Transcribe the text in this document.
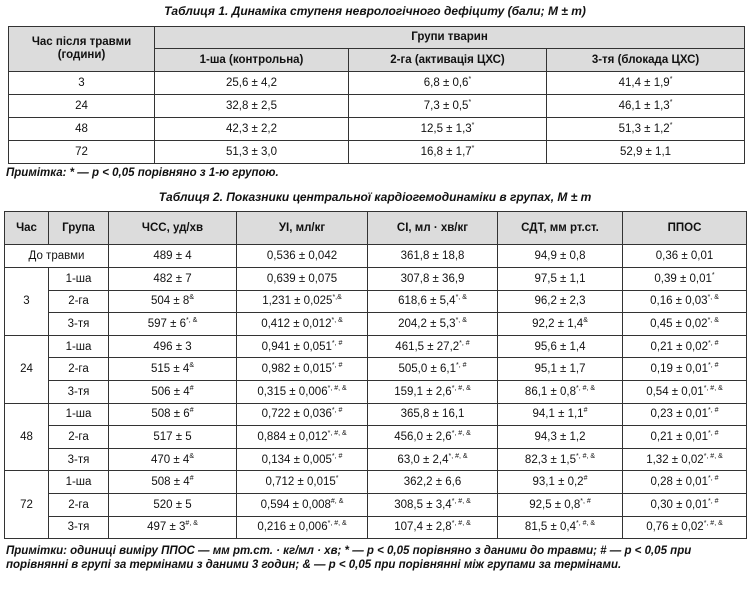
Таблиця 1. Динаміка ступеня неврологічного дефіциту (бали; M ± m)
Час після травми (години)	Групи тварин		
	1-ша (контрольна)	2-га (активація ЦХС)	3-тя (блокада ЦХС)
3	25,6 ± 4,2	6,8 ± 0,6*	41,4 ± 1,9*
24	32,8 ± 2,5	7,3 ± 0,5*	46,1 ± 1,3*
48	42,3 ± 2,2	12,5 ± 1,3*	51,3 ± 1,2*
72	51,3 ± 3,0	16,8 ± 1,7*	52,9 ± 1,1
Примітка: * — p < 0,05 порівняно з 1-ю групою.
Таблиця 2. Показники центральної кардіогемодинаміки в групах, M ± m
Час	Група	ЧСС, уд/хв	УІ, мл/кг	СІ, мл · хв/кг	СДТ, мм рт.ст.	ППОС
До травми		489 ± 4	0,536 ± 0,042	361,8 ± 18,8	94,9 ± 0,8	0,36 ± 0,01
3	1-ша	482 ± 7	0,639 ± 0,075	307,8 ± 36,9	97,5 ± 1,1	0,39 ± 0,01*
	2-га	504 ± 8&	1,231 ± 0,025*,&	618,6 ± 5,4*, &	96,2 ± 2,3	0,16 ± 0,03*, &
	3-тя	597 ± 6*, &	0,412 ± 0,012*, &	204,2 ± 5,3*, &	92,2 ± 1,4&	0,45 ± 0,02*, &
24	1-ша	496 ± 3	0,941 ± 0,051*, #	461,5 ± 27,2*, #	95,6 ± 1,4	0,21 ± 0,02*, #
	2-га	515 ± 4&	0,982 ± 0,015*, #	505,0 ± 6,1*, #	95,1 ± 1,7	0,19 ± 0,01*, #
	3-тя	506 ± 4#	0,315 ± 0,006*, #, &	159,1 ± 2,6*, #, &	86,1 ± 0,8*, #, &	0,54 ± 0,01*, #, &
48	1-ша	508 ± 6#	0,722 ± 0,036*, #	365,8 ± 16,1	94,1 ± 1,1#	0,23 ± 0,01*, #
	2-га	517 ± 5	0,884 ± 0,012*, #, &	456,0 ± 2,6*, #, &	94,3 ± 1,2	0,21 ± 0,01*, #
	3-тя	470 ± 4&	0,134 ± 0,005*, #	63,0 ± 2,4*, #, &	82,3 ± 1,5*, #, &	1,32 ± 0,02*, #, &
72	1-ша	508 ± 4#	0,712 ± 0,015*	362,2 ± 6,6	93,1 ± 0,2#	0,28 ± 0,01*, #
	2-га	520 ± 5	0,594 ± 0,008#, &	308,5 ± 3,4*, #, &	92,5 ± 0,8*, #	0,30 ± 0,01*, #
	3-тя	497 ± 3#, &	0,216 ± 0,006*, #, &	107,4 ± 2,8*, #, &	81,5 ± 0,4*, #, &	0,76 ± 0,02*, #, &
Примітки: одиниці виміру ППОС — мм рт.ст. · кг/мл · хв; * — p < 0,05 порівняно з даними до травми; # — p < 0,05 при порівнянні в групі за термінами з даними 3 годин; & — p < 0,05 при порівнянні між групами за термінами.
